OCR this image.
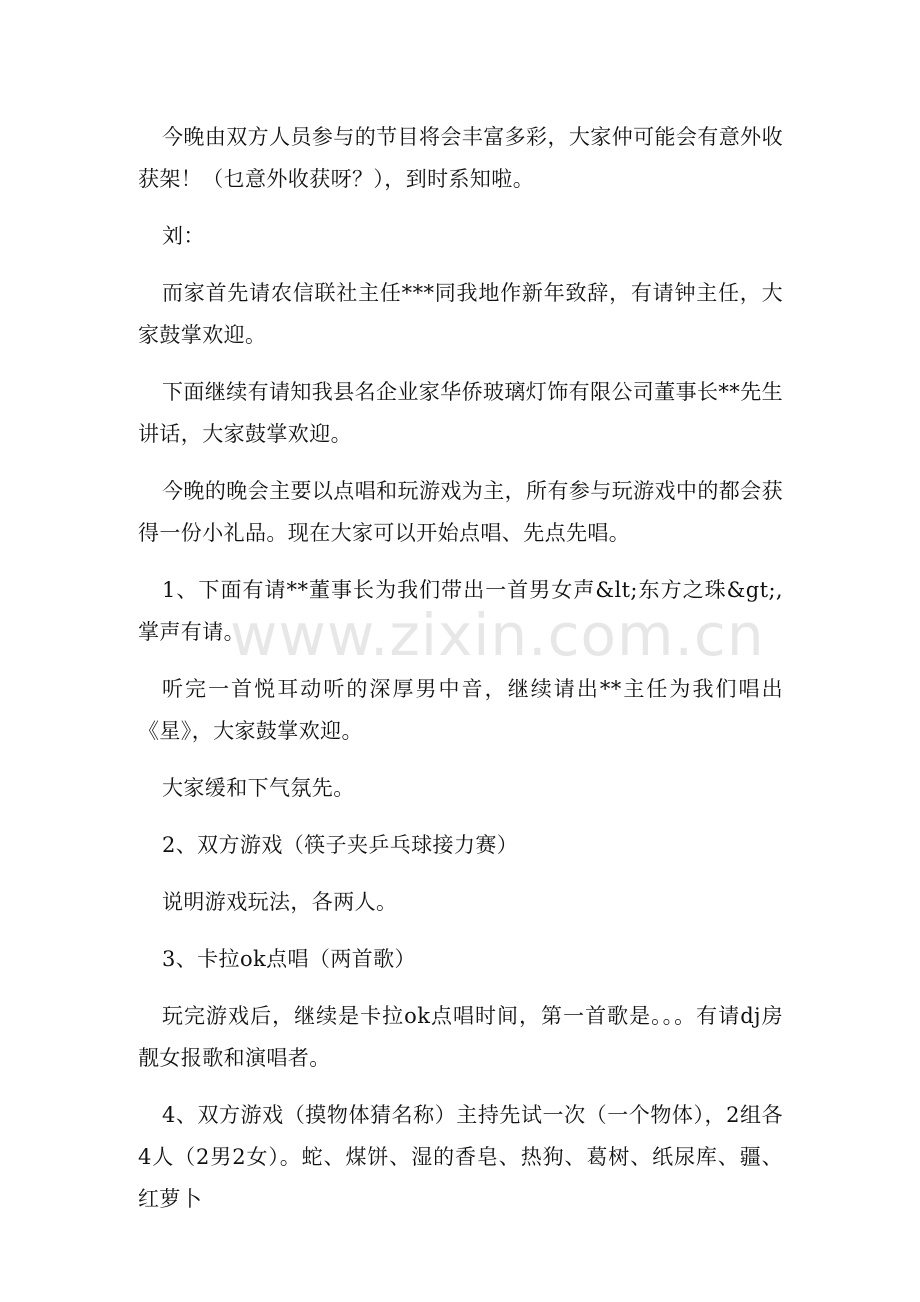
今晚由双方人员参与的节目将会丰富多彩，大家仲可能会有意外收获架！（乜意外收获呀？），到时系知啦。

刘：

而家首先请农信联社主任***同我地作新年致辞，有请钟主任，大家鼓掌欢迎。

下面继续有请知我县名企业家华侨玻璃灯饰有限公司董事长**先生讲话，大家鼓掌欢迎。

今晚的晚会主要以点唱和玩游戏为主，所有参与玩游戏中的都会获得一份小礼品。现在大家可以开始点唱、先点先唱。

1、下面有请**董事长为我们带出一首男女声&lt;东方之珠&gt;,掌声有请。

听完一首悦耳动听的深厚男中音，继续请出**主任为我们唱出《星》，大家鼓掌欢迎。

大家缓和下气氛先。

2、双方游戏（筷子夹乒乓球接力赛）

说明游戏玩法，各两人。

3、卡拉ok点唱（两首歌）

玩完游戏后，继续是卡拉ok点唱时间，第一首歌是。。。有请dj房靓女报歌和演唱者。

4、双方游戏（摸物体猜名称）主持先试一次（一个物体），2组各4人（2男2女）。蛇、煤饼、湿的香皂、热狗、葛树、纸尿库、疆、红萝卜

www.zixin.com.cn
